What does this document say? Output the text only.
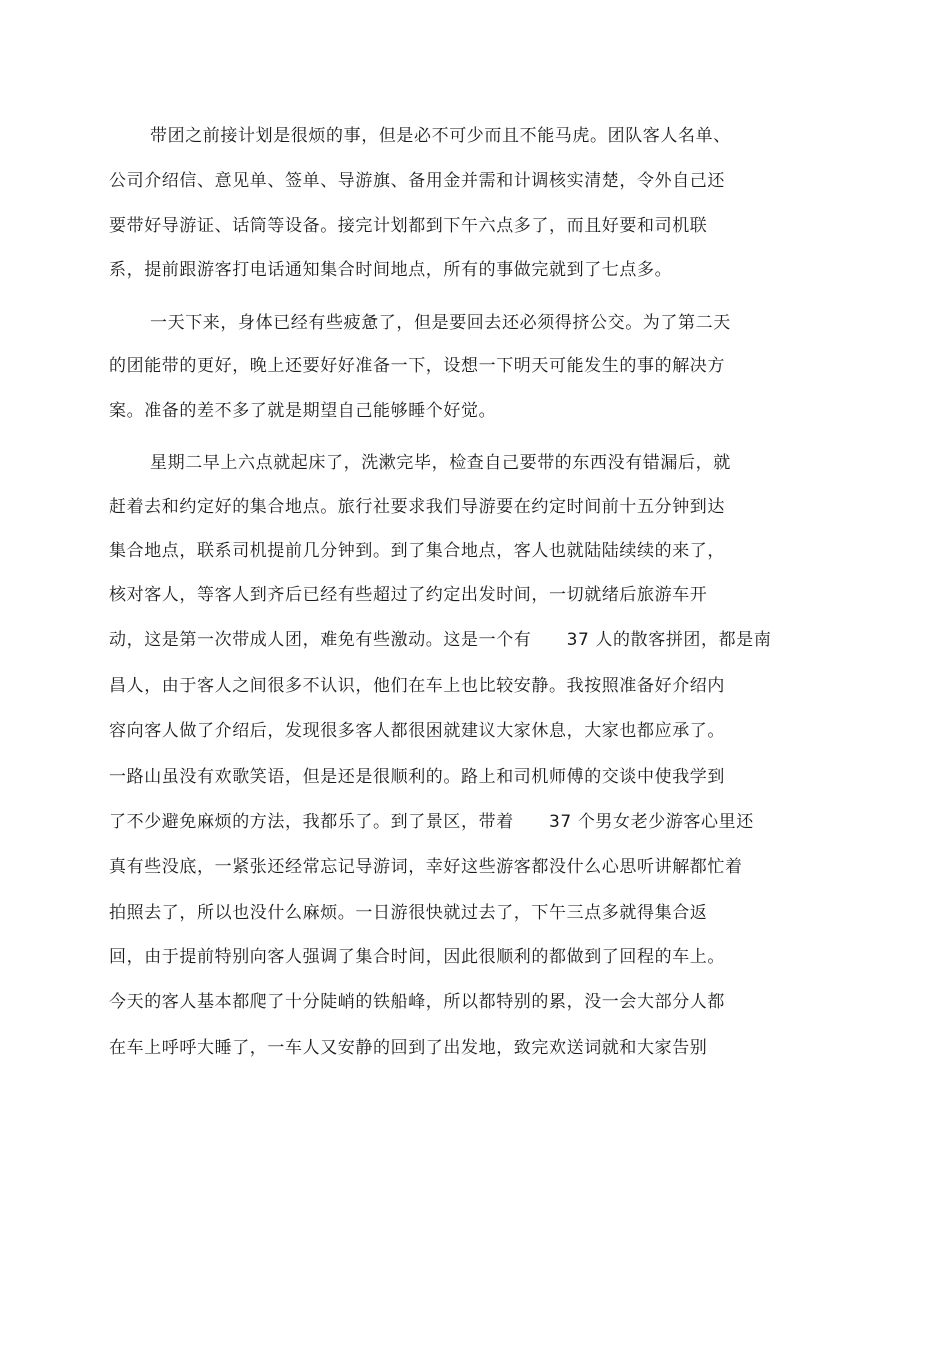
带团之前接计划是很烦的事，但是必不可少而且不能马虎。团队客人名单、
公司介绍信、意见单、签单、导游旗、备用金并需和计调核实清楚，令外自己还
要带好导游证、话筒等设备。接完计划都到下午六点多了，而且好要和司机联
系，提前跟游客打电话通知集合时间地点，所有的事做完就到了七点多。
一天下来，身体已经有些疲惫了，但是要回去还必须得挤公交。为了第二天
的团能带的更好，晚上还要好好准备一下，设想一下明天可能发生的事的解决方
案。准备的差不多了就是期望自己能够睡个好觉。
星期二早上六点就起床了，洗漱完毕，检查自己要带的东西没有错漏后，就
赶着去和约定好的集合地点。旅行社要求我们导游要在约定时间前十五分钟到达
集合地点，联系司机提前几分钟到。到了集合地点，客人也就陆陆续续的来了，
核对客人，等客人到齐后已经有些超过了约定出发时间，一切就绪后旅游车开
动，这是第一次带成人团，难免有些激动。这是一个有　　37 人的散客拼团，都是南
昌人，由于客人之间很多不认识，他们在车上也比较安静。我按照准备好介绍内
容向客人做了介绍后，发现很多客人都很困就建议大家休息，大家也都应承了。
一路山虽没有欢歌笑语，但是还是很顺利的。路上和司机师傅的交谈中使我学到
了不少避免麻烦的方法，我都乐了。到了景区，带着　　37 个男女老少游客心里还
真有些没底，一紧张还经常忘记导游词，幸好这些游客都没什么心思听讲解都忙着
拍照去了，所以也没什么麻烦。一日游很快就过去了，下午三点多就得集合返
回，由于提前特别向客人强调了集合时间，因此很顺利的都做到了回程的车上。
今天的客人基本都爬了十分陡峭的铁船峰，所以都特别的累，没一会大部分人都
在车上呼呼大睡了，一车人又安静的回到了出发地，致完欢送词就和大家告别
